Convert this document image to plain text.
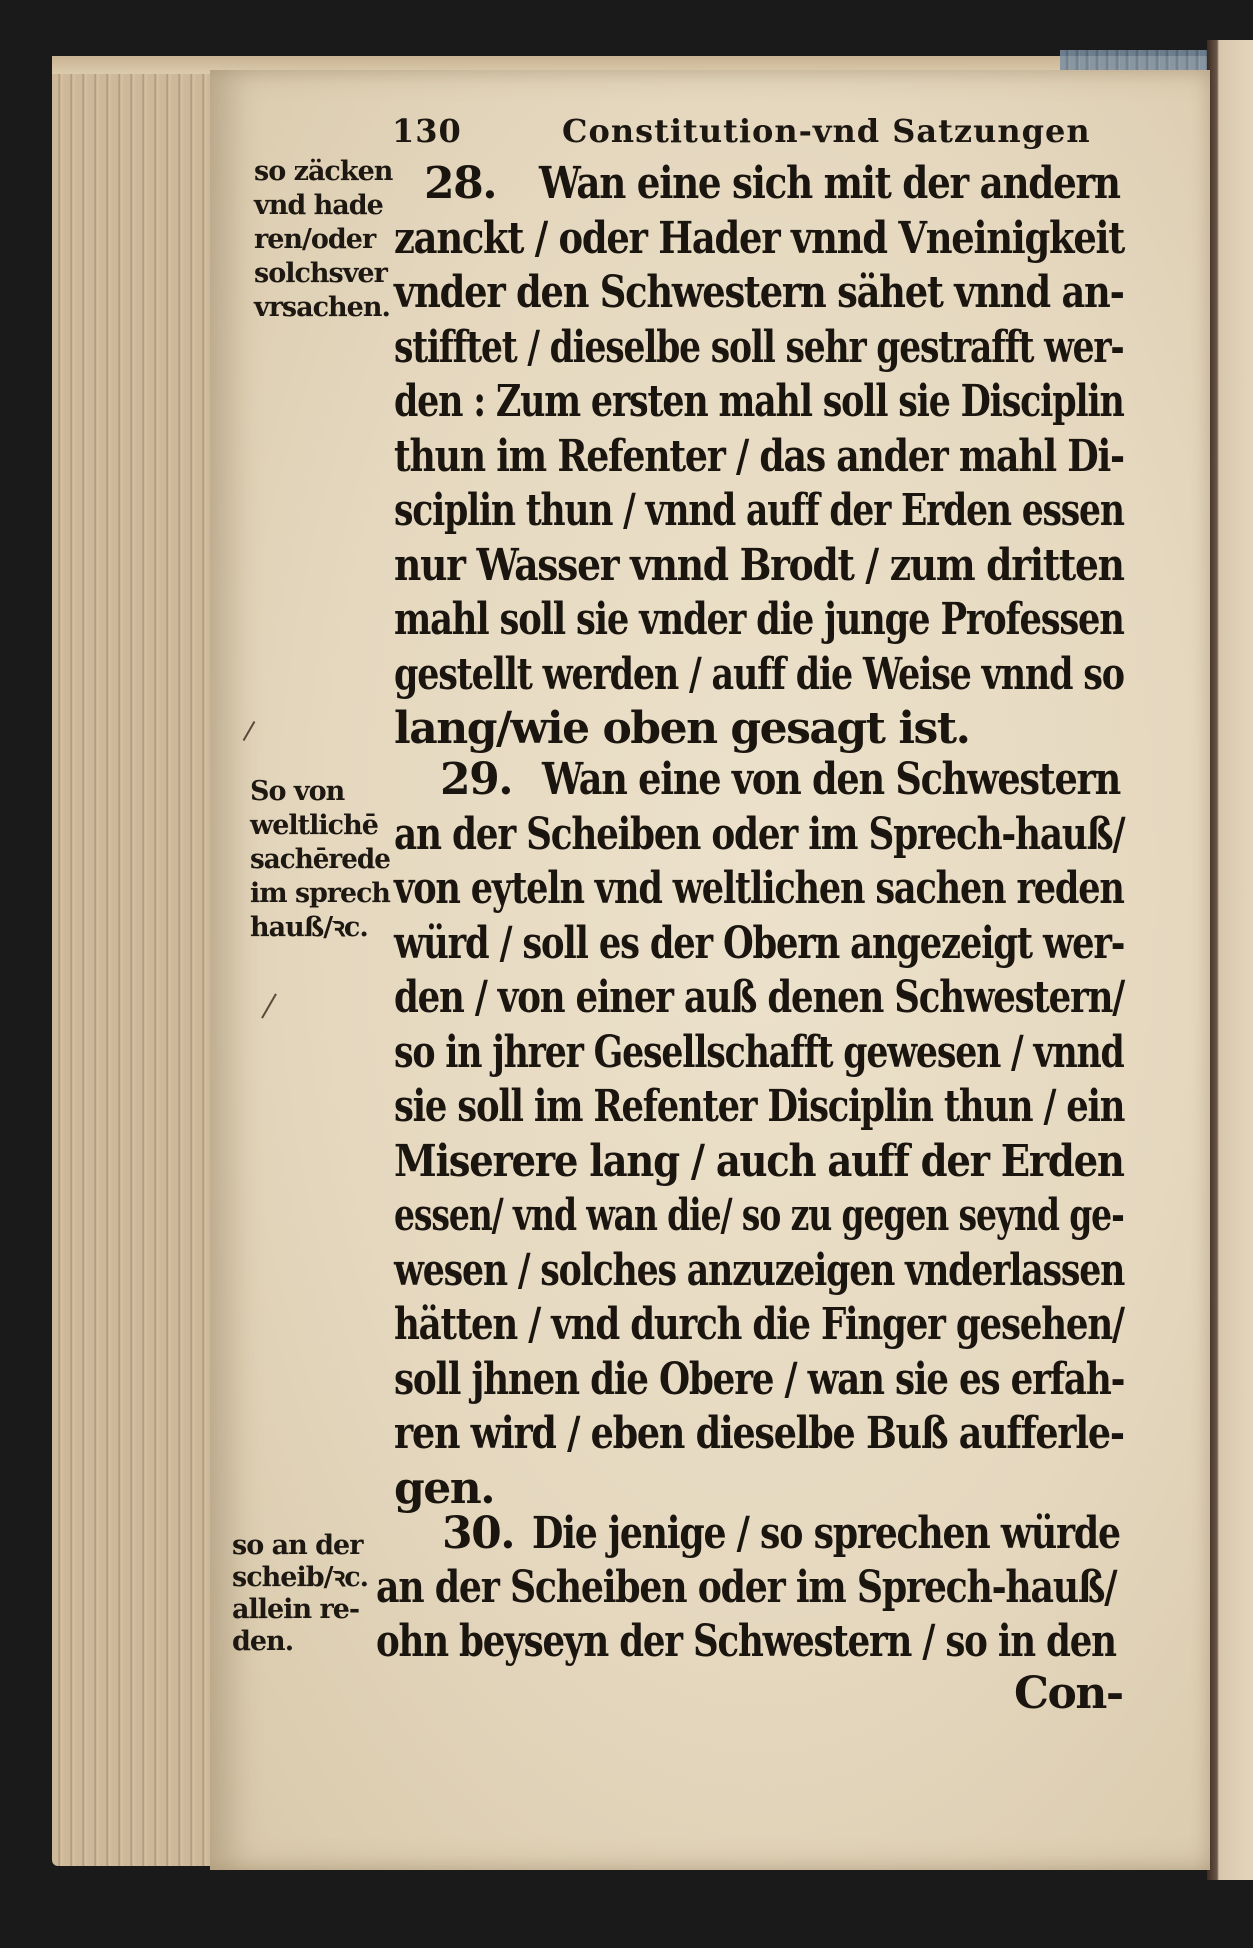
130	Constitution-vnd Satzungen
28. Wan eine sich mit der andern
zanckt / oder Hader vnnd Vneinigkeit
vnder den Schwestern sähet vnnd an-
stifftet / dieselbe soll sehr gestrafft wer-
den : Zum ersten mahl soll sie Disciplin
thun im Refenter / das ander mahl Di-
sciplin thun / vnnd auff der Erden essen
nur Wasser vnnd Brodt / zum dritten
mahl soll sie vnder die junge Professen
gestellt werden / auff die Weise vnnd so
lang/wie oben gesagt ist.
so zäcken
vnd hade
ren/oder
solchsver
vrsachen.
29. Wan eine von den Schwestern
an der Scheiben oder im Sprech-hauß/
von eyteln vnd weltlichen sachen reden
würd / soll es der Obern angezeigt wer-
den / von einer auß denen Schwestern/
so in jhrer Gesellschafft gewesen / vnnd
sie soll im Refenter Disciplin thun / ein
Miserere lang / auch auff der Erden
essen/ vnd wan die/ so zu gegen seynd ge-
wesen / solches anzuzeigen vnderlassen
hätten / vnd durch die Finger gesehen/
soll jhnen die Obere / wan sie es erfah-
ren wird / eben dieselbe Buß aufferle-
gen.
So von
weltlichē
sachērede
im sprech
hauß/ꝛc.
30. Die jenige / so sprechen würde
an der Scheiben oder im Sprech-hauß/
ohn beyseyn der Schwestern / so in den
so an der
scheib/ꝛc.
allein re-
den.
Con-
